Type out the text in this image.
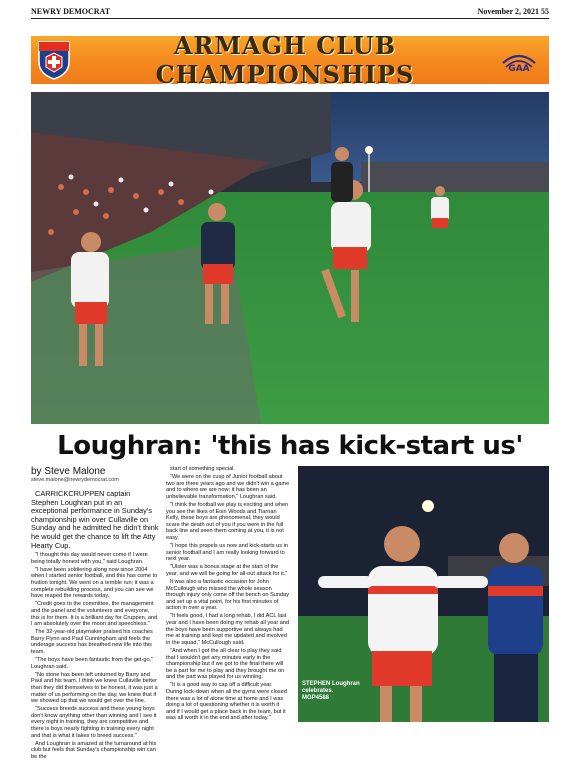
NEWRY DEMOCRAT	November 2, 2021 55
ARMAGH CLUB CHAMPIONSHIPS	GAA
Loughran: 'this has kick-start us'
by Steve Malone
steve.malone@newrydemocrat.com

CARRICKCRUPPEN captain Stephen Loughran put in an exceptional performance in Sunday's championship win over Cullaville on Sunday and he admitted he didn't think he would get the chance to lift the Atty Hearty Cup.

"I thought this day would never come if I were being totally honest with you," said Loughran.

"I have been soldiering along now since 2004 when I started senior football, and this has come to fruition tonight. We went on a terrible run; it was a complete rebuilding process, and you can see we have reaped the rewards today.

"Credit goes to the committee, the management and the panel and the volunteers and everyone, this is for them. It is a brilliant day for Cruppen, and I am absolutely over the moon and speechless."

The 32-year-old playmaker praised his coaches Barry Flynn and Paul Cunningham and feels the underage success has breathed new life into this team.

"The boys have been fantastic from the get-go," Loughran said.

"No stone has been left unturned by Barry and Paul and his team. I think we knew Cullaville better than they did themselves to be honest, it was just a matter of us performing on the day, we knew that if we showed up that we would get over the line.

"Success breeds success and these young boys don't know anything other than winning and I see it every night in training, they are competitive and there is boys nearly fighting in training every night and that is what it takes to breed success."

And Loughran is amazed at the turnaround at his club but feels that Sunday's championship win can be the

start of something special.

"We were on the cusp of Junior football about two are three years ago and we didn't win a game and to where we are now; it has been an unbelievable transformation," Loughran said.

"I think the football we play is exciting and when you see the likes of Eoin Woods and Tiarnan Kelly, these boys are phenomenal, they would scare the death out of you if you were in the full back line and seen them coming at you, it is not easy.

"I hope this propels us now and kick-starts us in senior football and I am really looking forward to next year.

"Ulster was a bonus stage at the start of the year, and we will be going for all-out attack for it."

It was also a fantastic occasion for John McCullough who missed the whole season through injury only come off the bench on Sunday and set up a vital point, for his first minutes of action in over a year.

"It feels good, I had a long rehab, I did ACL last year and I have been doing my rehab all year and the boys have been supportive and always had me at training and kept me updated and involved in the squad," McCullough said.

"And when I got the all clear to play they said that I wouldn't get any minutes early in the championship but if we got to the final there will be a part for me to play and they brought me on and the part was played for us winning.

"It is a good way to cap off a difficult year. During lock-down when all the gyms were closed there was a lot of alone time at home and I was doing a lot of questioning whether it is worth it and if I would get a place back in the team, but it was all worth it in the end and after today."

STEPHEN Loughran celebrates. MGP4588
